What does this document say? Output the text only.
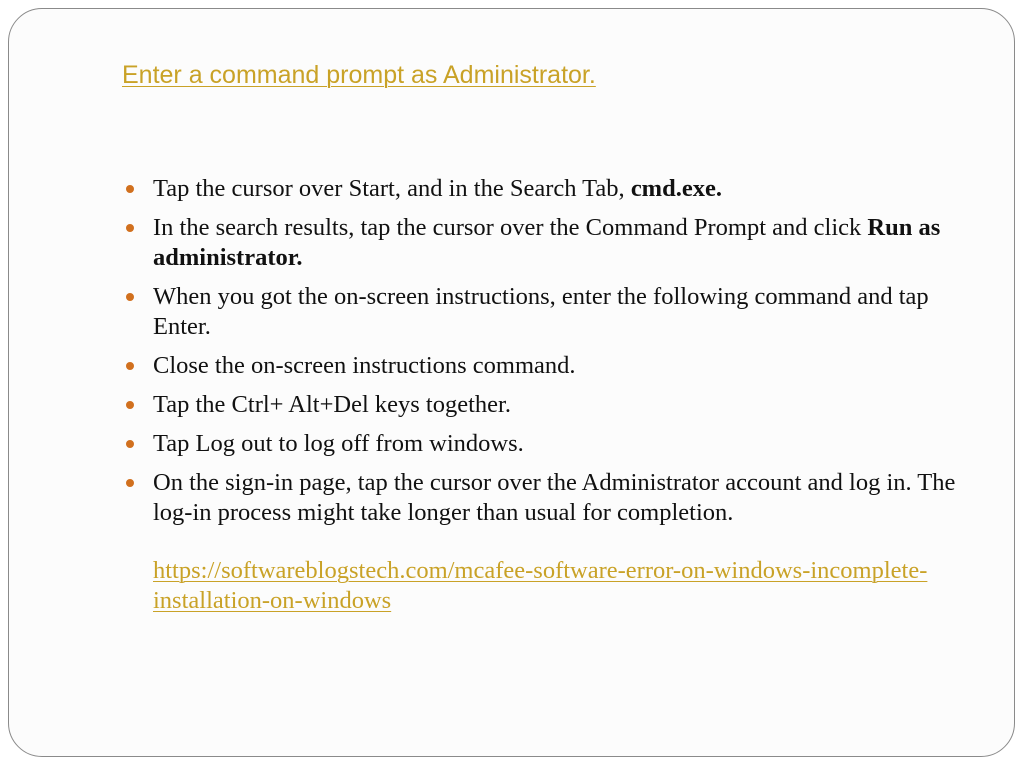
Enter a command prompt as Administrator.
Tap the cursor over Start, and in the Search Tab, cmd.exe.
In the search results, tap the cursor over the Command Prompt and click Run as administrator.
When you got the on-screen instructions, enter the following command and tap Enter.
Close the on-screen instructions command.
Tap the Ctrl+ Alt+Del keys together.
Tap Log out to log off from windows.
On the sign-in page, tap the cursor over the Administrator account and log in. The log-in process might take longer than usual for completion.
https://softwareblogstech.com/mcafee-software-error-on-windows-incomplete-installation-on-windows
